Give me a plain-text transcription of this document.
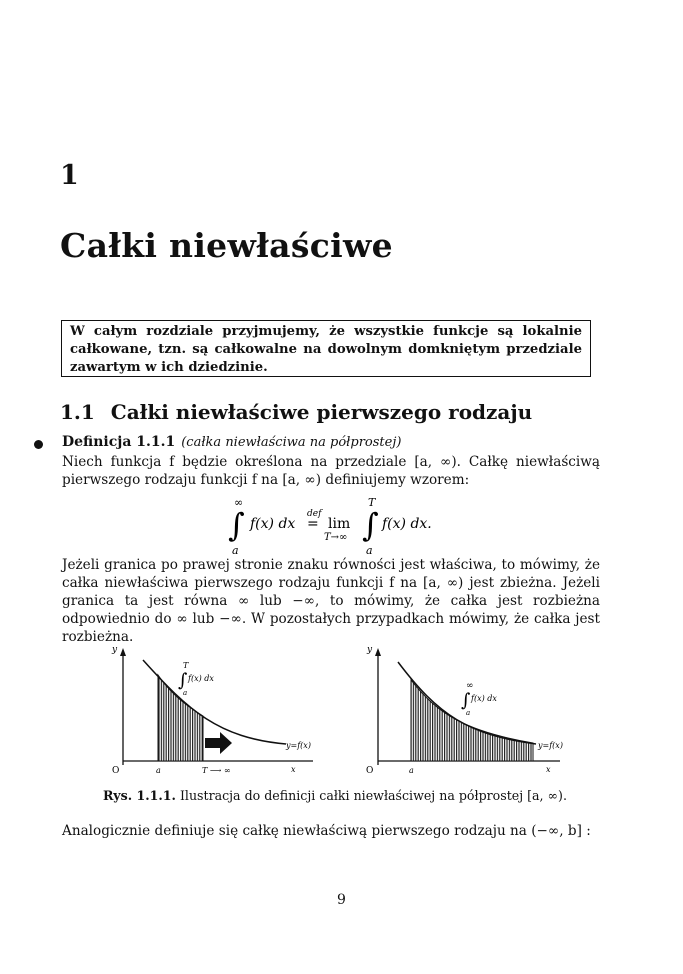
1
Całki niewłaściwe
W całym rozdziale przyjmujemy, że wszystkie funkcje są lokalnie całkowane, tzn. są całkowalne na dowolnym domkniętym przedziale zawartym w ich dziedzinie.
1.1 Całki niewłaściwe pierwszego rodzaju
Definicja 1.1.1 (całka niewłaściwa na półprostej)
Niech funkcja f będzie określona na przedziale [a, ∞). Całkę niewłaściwą pierwszego rodzaju funkcji f na [a, ∞) definiujemy wzorem:
∞
∫
a
f(x) dx
def
= lim
T→∞
T
∫
a
f(x) dx.
Jeżeli granica po prawej stronie znaku równości jest właściwa, to mówimy, że całka niewłaściwa pierwszego rodzaju funkcji f na [a, ∞) jest zbieżna. Jeżeli granica ta jest równa ∞ lub −∞, to mówimy, że całka jest rozbieżna odpowiednio do ∞ lub −∞. W pozostałych przypadkach mówimy, że całka jest rozbieżna.
y
O	a	T ⟶ ∞	x
T
∫ f(x) dx
a
y=f(x)
y
O	a	x
∞
∫ f(x) dx
a
y=f(x)
Rys. 1.1.1. Ilustracja do definicji całki niewłaściwej na półprostej [a, ∞).
Analogicznie definiuje się całkę niewłaściwą pierwszego rodzaju na (−∞, b] :
9
